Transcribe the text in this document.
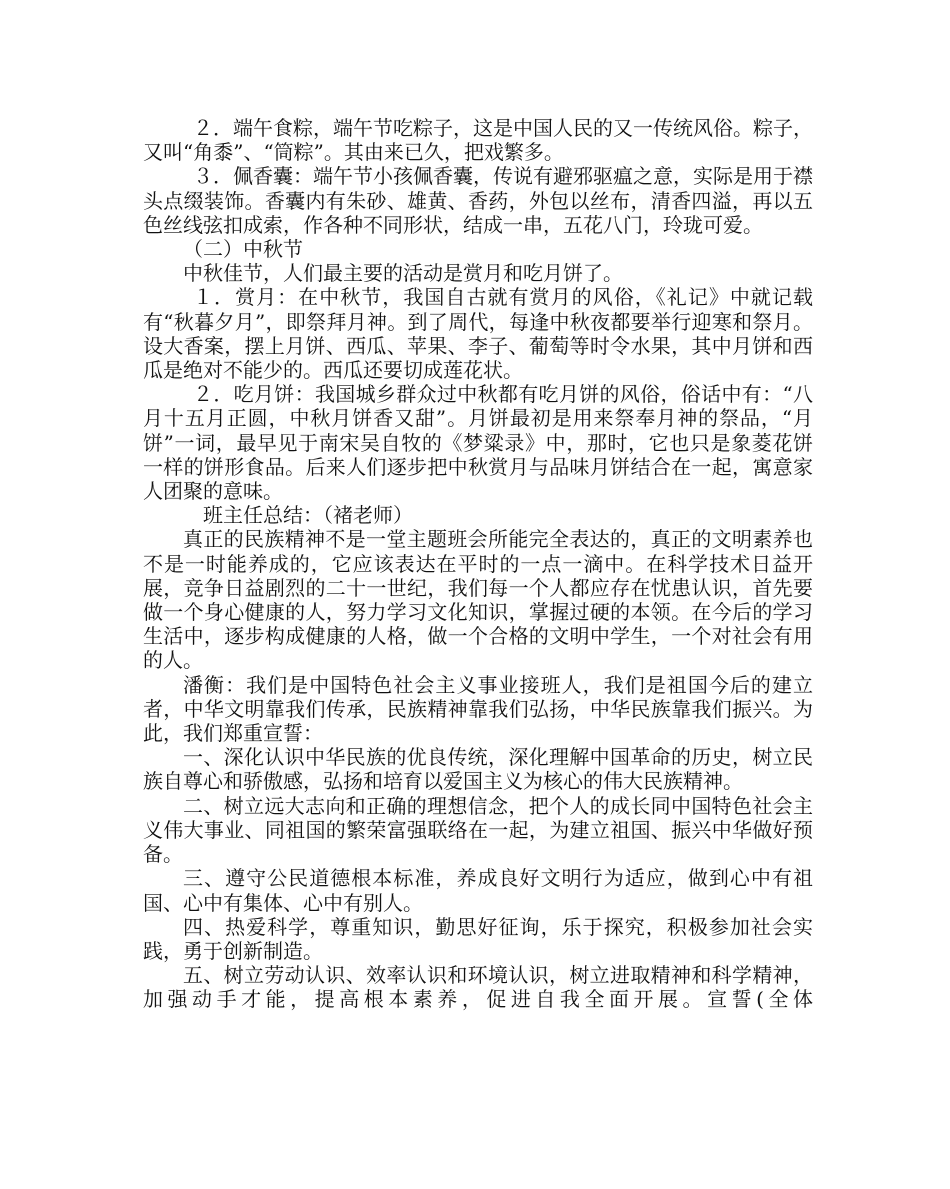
２．端午食粽，端午节吃粽子，这是中国人民的又一传统风俗。粽子，又叫“角黍”、“筒粽”。其由来已久，把戏繁多。

３．佩香囊：端午节小孩佩香囊，传说有避邪驱瘟之意，实际是用于襟头点缀装饰。香囊内有朱砂、雄黄、香药，外包以丝布，清香四溢，再以五色丝线弦扣成索，作各种不同形状，结成一串，五花八门，玲珑可爱。

（二）中秋节

中秋佳节，人们最主要的活动是赏月和吃月饼了。

１．赏月：在中秋节，我国自古就有赏月的风俗，《礼记》中就记载有“秋暮夕月”，即祭拜月神。到了周代，每逢中秋夜都要举行迎寒和祭月。设大香案，摆上月饼、西瓜、苹果、李子、葡萄等时令水果，其中月饼和西瓜是绝对不能少的。西瓜还要切成莲花状。

２．吃月饼：我国城乡群众过中秋都有吃月饼的风俗，俗话中有：“八月十五月正圆，中秋月饼香又甜”。月饼最初是用来祭奉月神的祭品，“月饼”一词，最早见于南宋吴自牧的《梦粱录》中，那时，它也只是象菱花饼一样的饼形食品。后来人们逐步把中秋赏月与品味月饼结合在一起，寓意家人团聚的意味。

班主任总结：（褚老师）

真正的民族精神不是一堂主题班会所能完全表达的，真正的文明素养也不是一时能养成的，它应该表达在平时的一点一滴中。在科学技术日益开展，竞争日益剧烈的二十一世纪，我们每一个人都应存在忧患认识，首先要做一个身心健康的人，努力学习文化知识，掌握过硬的本领。在今后的学习生活中，逐步构成健康的人格，做一个合格的文明中学生，一个对社会有用的人。

潘衡：我们是中国特色社会主义事业接班人，我们是祖国今后的建立者，中华文明靠我们传承，民族精神靠我们弘扬，中华民族靠我们振兴。为此，我们郑重宣誓：

一、深化认识中华民族的优良传统，深化理解中国革命的历史，树立民族自尊心和骄傲感，弘扬和培育以爱国主义为核心的伟大民族精神。

二、树立远大志向和正确的理想信念，把个人的成长同中国特色社会主义伟大事业、同祖国的繁荣富强联络在一起，为建立祖国、振兴中华做好预备。

三、遵守公民道德根本标准，养成良好文明行为适应，做到心中有祖国、心中有集体、心中有别人。

四、热爱科学，尊重知识，勤思好征询，乐于探究，积极参加社会实践，勇于创新制造。

五、树立劳动认识、效率认识和环境认识，树立进取精神和科学精神，加强动手才能，提高根本素养，促进自我全面开展。宣誓(全体
